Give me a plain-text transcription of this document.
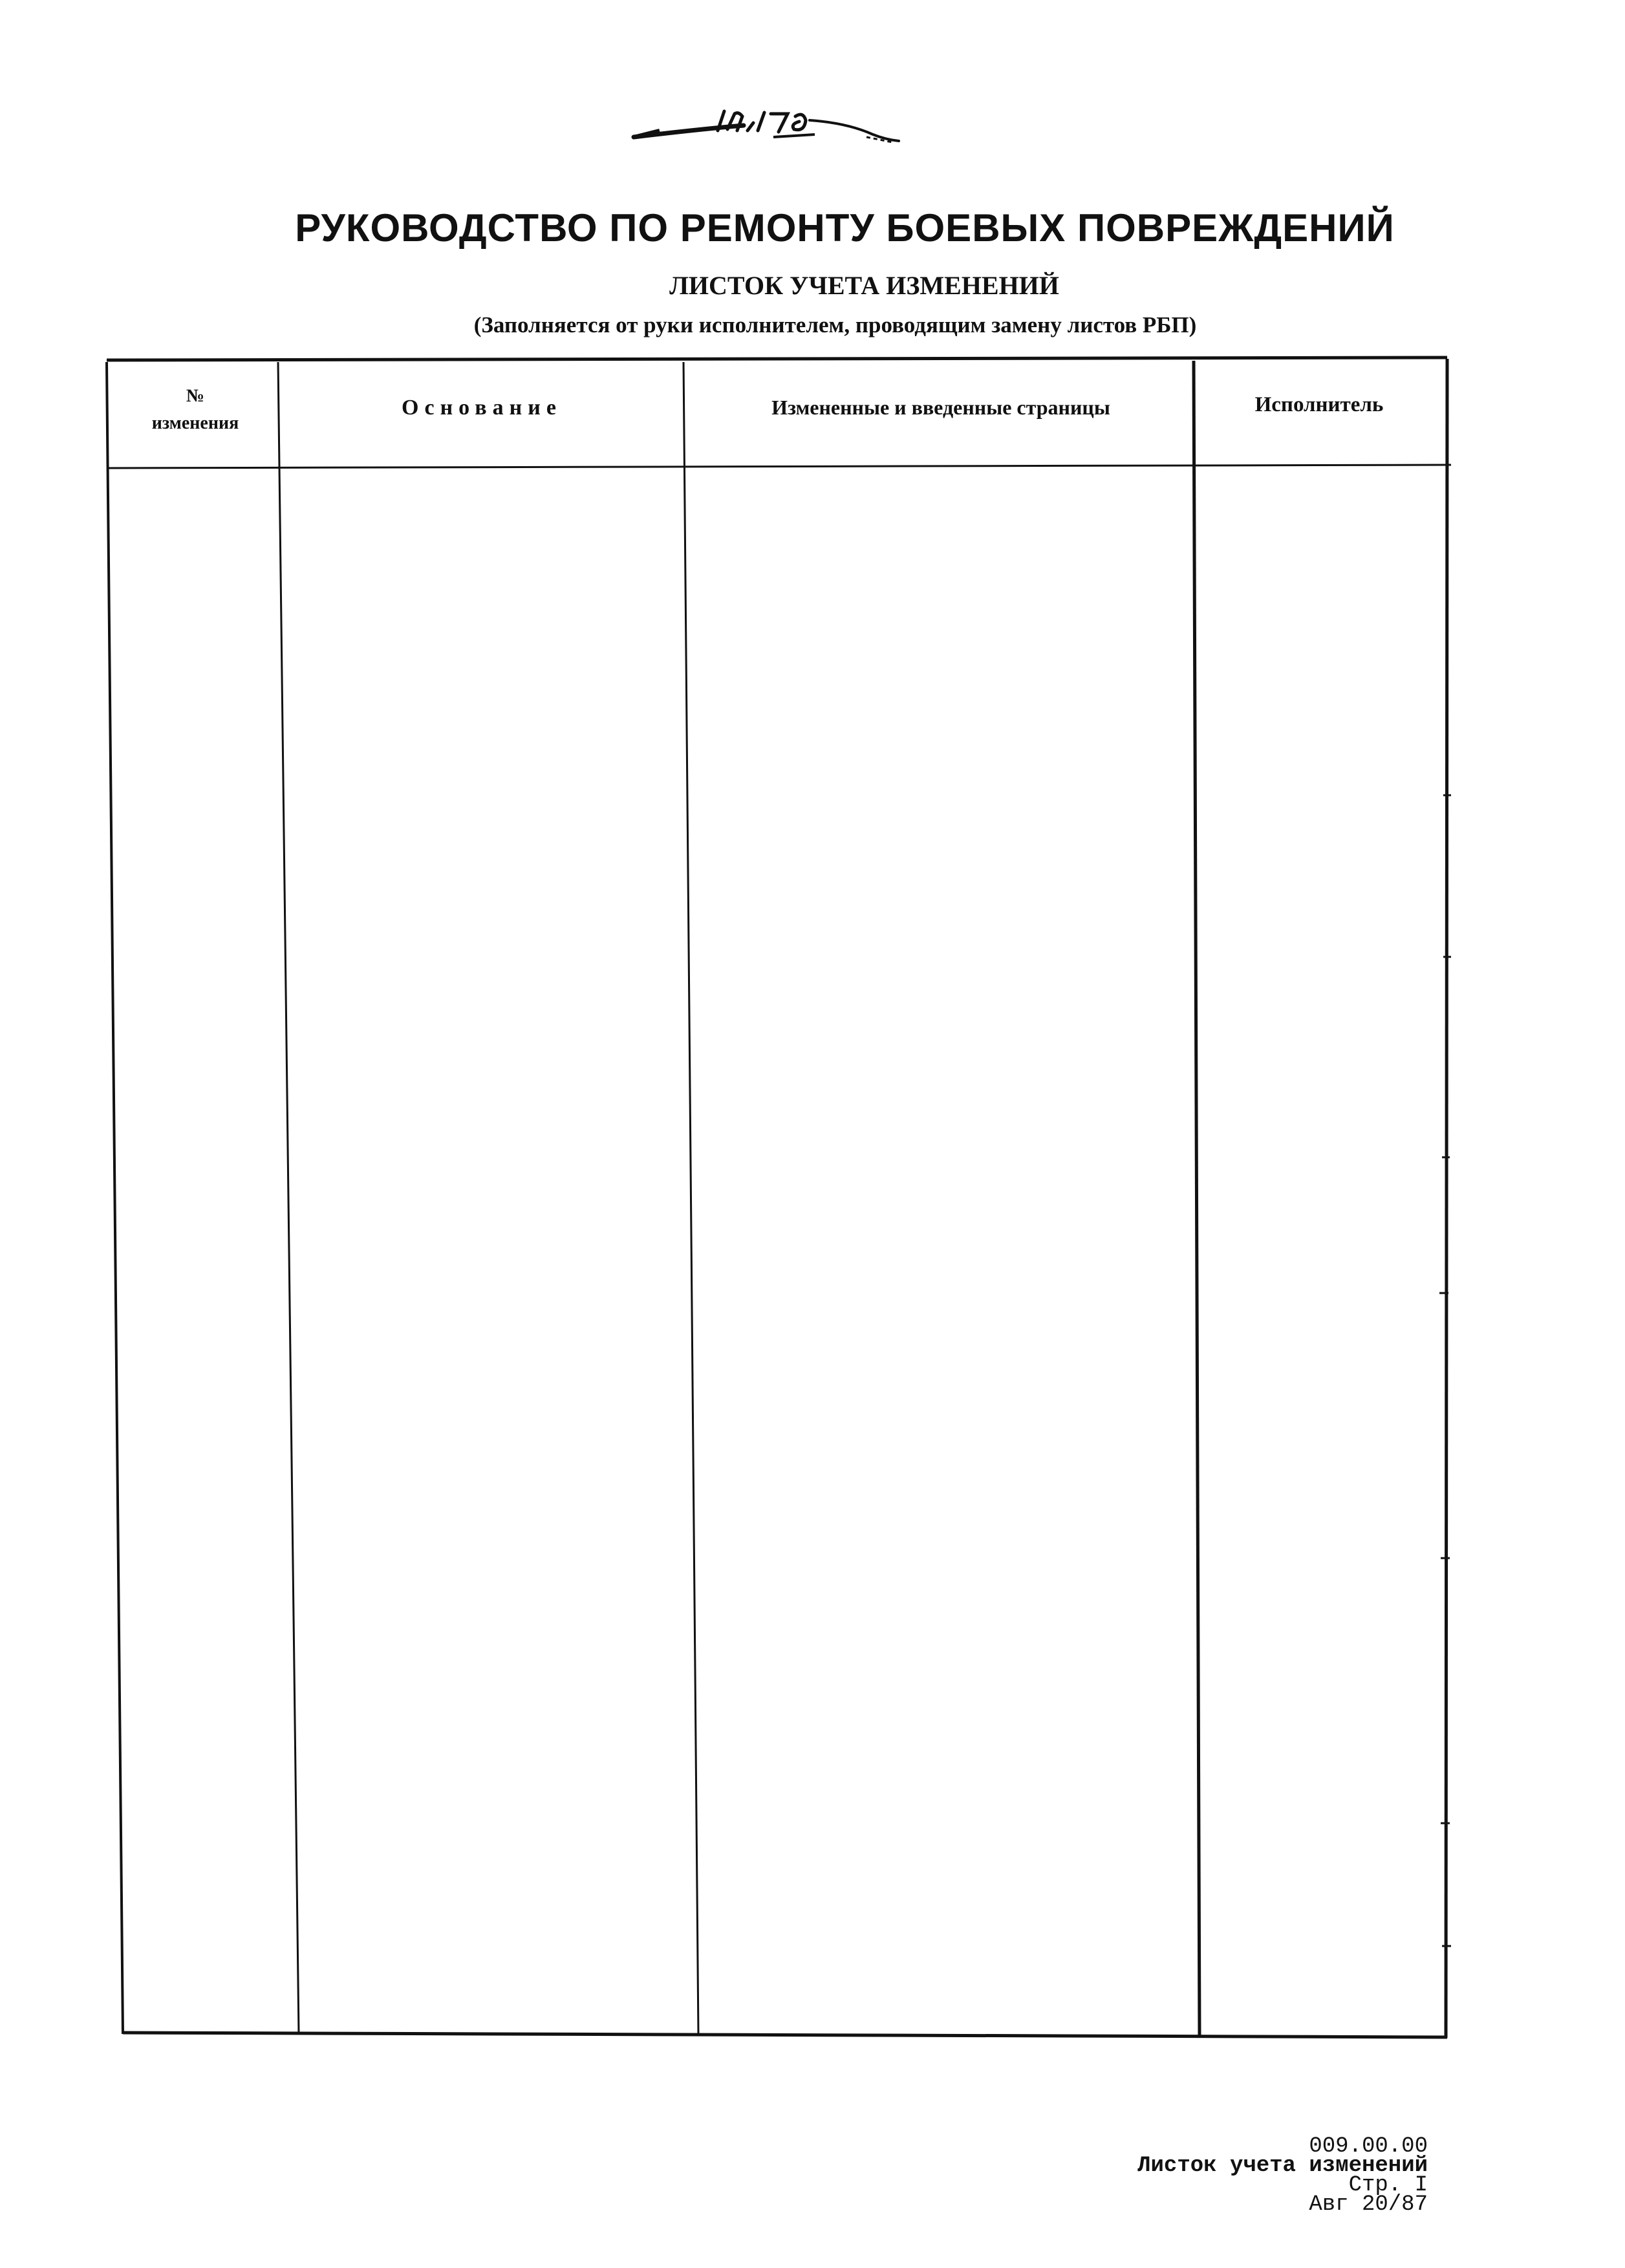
РУКОВОДСТВО ПО РЕМОНТУ БОЕВЫХ ПОВРЕЖДЕНИЙ
ЛИСТОК УЧЕТА ИЗМЕНЕНИЙ
(Заполняется от руки исполнителем, проводящим замену листов РБП)
№
изменения
Основание	Измененные и введенные страницы	Исполнитель
009.00.00
Листок учета изменений
Стр. I
Авг 20/87
